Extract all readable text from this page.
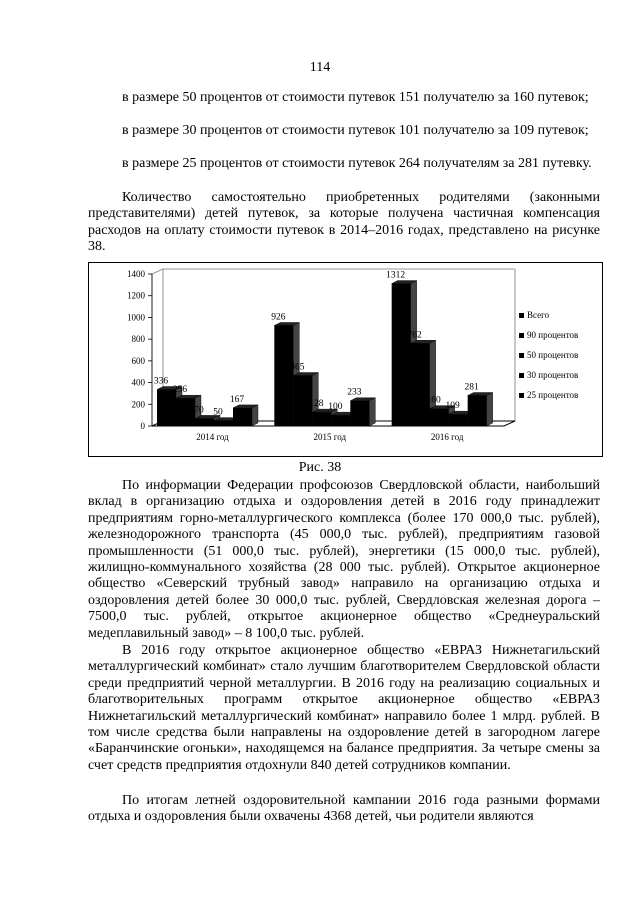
114
в размере 50 процентов от стоимости путевок 151 получателю за 160 путевок;
в размере 30 процентов от стоимости путевок 101 получателю за 109 путевок;
в размере 25 процентов от стоимости путевок 264 получателям за 281 путевку.
Количество самостоятельно приобретенных родителями (законными представителями) детей путевок, за которые получена частичная компенсация расходов на оплату стоимости путевок в 2014–2016 годах, представлено на рисунке 38.
0
200
400
600
800
1000
1200
1400
336
256
70 50
167
2014 год
926
465
128 100
233
2015 год
1312
762
160
109
281
2016 год
Всего
90 процентов
50 процентов
30 процентов
25 процентов
Рис. 38
По информации Федерации профсоюзов Свердловской области, наибольший вклад в организацию отдыха и оздоровления детей в 2016 году принадлежит предприятиям горно-металлургического комплекса (более 170 000,0 тыс. рублей), железнодорожного транспорта (45 000,0 тыс. рублей), предприятиям газовой промышленности (51 000,0 тыс. рублей), энергетики (15 000,0 тыс. рублей), жилищно-коммунального хозяйства (28 000 тыс. рублей). Открытое акционерное общество «Северский трубный завод» направило на организацию отдыха и оздоровления детей более 30 000,0 тыс. рублей, Свердловская железная дорога – 7500,0 тыс. рублей, открытое акционерное общество «Среднеуральский медеплавильный завод» – 8 100,0 тыс. рублей.
В 2016 году открытое акционерное общество «ЕВРАЗ Нижнетагильский металлургический комбинат» стало лучшим благотворителем Свердловской области среди предприятий черной металлургии. В 2016 году на реализацию социальных и благотворительных программ открытое акционерное общество «ЕВРАЗ Нижнетагильский металлургический комбинат» направило более 1 млрд. рублей. В том числе средства были направлены на оздоровление детей в загородном лагере «Баранчинские огоньки», находящемся на балансе предприятия. За четыре смены за счет средств предприятия отдохнули 840 детей сотрудников компании.
По итогам летней оздоровительной кампании 2016 года разными формами отдыха и оздоровления были охвачены 4368 детей, чьи родители являются
